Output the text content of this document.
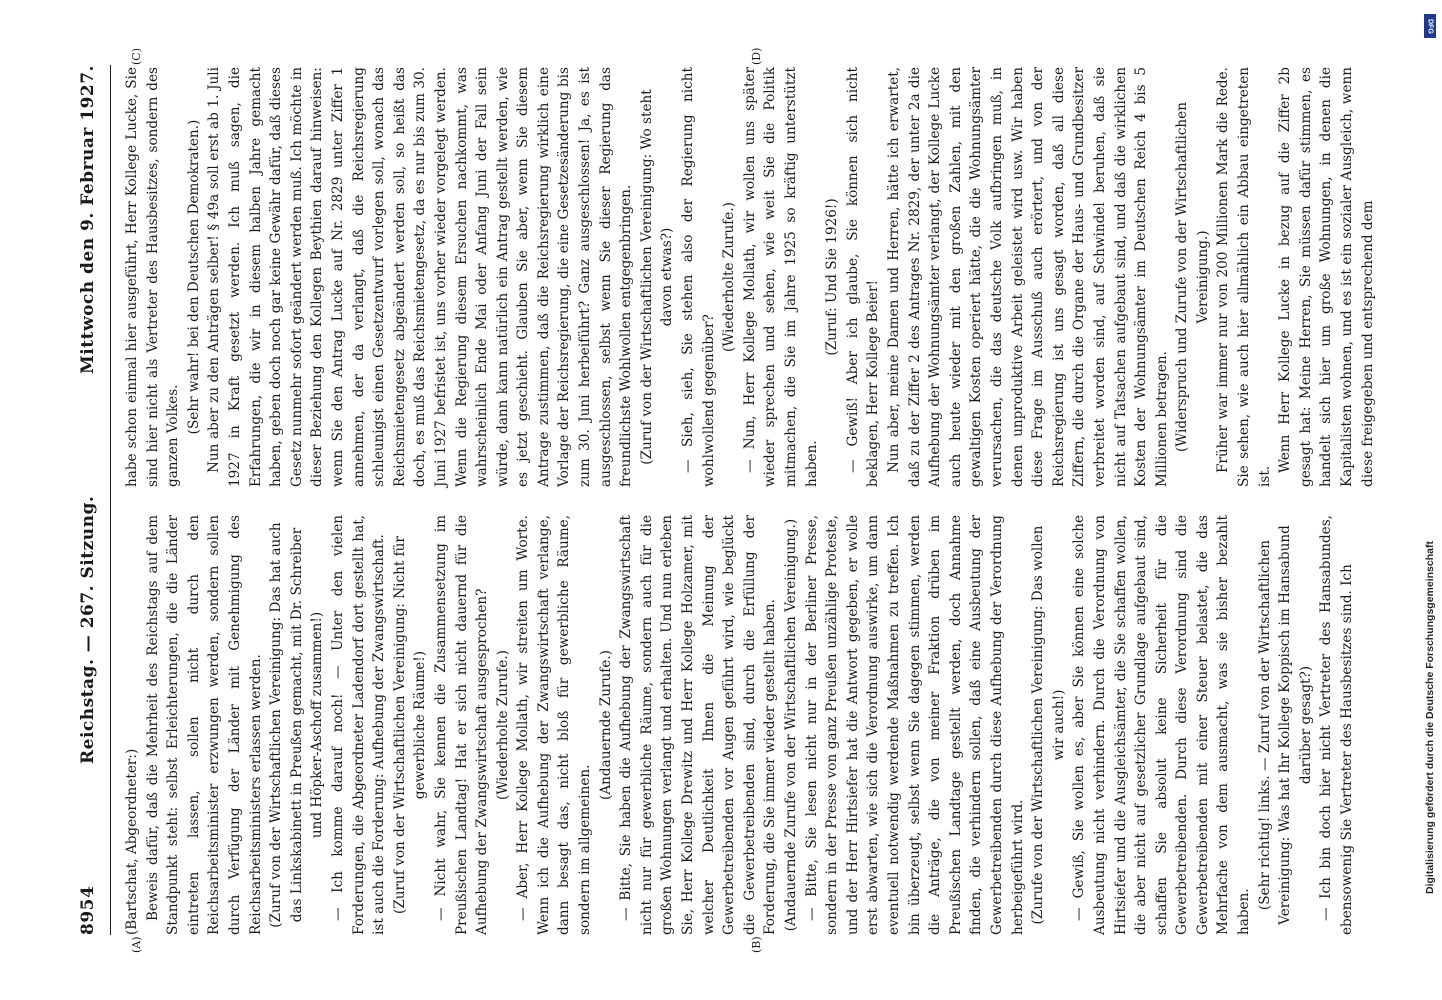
8954
Reichstag. — 267. Sitzung.
Mittwoch den 9. Februar 1927.
(A)	(B)
(C)	(D)

(Bartschat, Abgeordneter:) Beweis dafür, daß die Mehrheit des Reichstags auf dem Standpunkt steht: selbst Erleichterungen, die die Länder eintreten lassen, sollen nicht durch den Reichsarbeitsminister erzwungen werden, sondern sollen durch Verfügung der Länder mit Genehmigung des Reichsarbeitsministers erlassen werden. (Zuruf von der Wirtschaftlichen Vereinigung: Das hat auch das Linkskabinett in Preußen gemacht, mit Dr. Schreiber und Höpker-Aschoff zusammen!) — Ich komme darauf noch! — Unter den vielen Forderungen, die Abgeordneter Ladendorf dort gestellt hat, ist auch die Forderung: Aufhebung der Zwangswirtschaft. (Zuruf von der Wirtschaftlichen Vereinigung: Nicht für gewerbliche Räume!) — Nicht wahr, Sie kennen die Zusammensetzung im Preußischen Landtag! Hat er sich nicht dauernd für die Aufhebung der Zwangswirtschaft ausgesprochen? (Wiederholte Zurufe.) — Aber, Herr Kollege Mollath, wir streiten um Worte. Wenn ich die Aufhebung der Zwangswirtschaft verlange, dann besagt das, nicht bloß für gewerbliche Räume, sondern im allgemeinen.

(Andauernde Zurufe.) — Bitte, Sie haben die Aufhebung der Zwangswirtschaft nicht nur für gewerbliche Räume, sondern auch für die großen Wohnungen verlangt und erhalten. Und nun erleben Sie, Herr Kollege Drewitz und Herr Kollege Holzamer, mit welcher Deutlichkeit Ihnen die Meinung der Gewerbetreibenden vor Augen geführt wird, wie beglückt die Gewerbetreibenden sind, durch die Erfüllung der Forderung, die Sie immer wieder gestellt haben. (Andauernde Zurufe von der Wirtschaftlichen Vereinigung.) — Bitte, Sie lesen nicht nur in der Berliner Presse, sondern in der Presse von ganz Preußen unzählige Proteste, und der Herr Hirtsiefer hat die Antwort gegeben, er wolle erst abwarten, wie sich die Verordnung auswirke, um dann eventuell notwendig werdende Maßnahmen zu treffen. Ich bin überzeugt, selbst wenn Sie dagegen stimmen, werden die Anträge, die von meiner Fraktion drüben im Preußischen Landtage gestellt werden, doch Annahme finden, die verhindern sollen, daß eine Ausbeutung der Gewerbetreibenden durch diese Aufhebung der Verordnung herbeigeführt wird. (Zurufe von der Wirtschaftlichen Vereinigung: Das wollen wir auch!) — Gewiß, Sie wollen es, aber Sie können eine solche Ausbeutung nicht verhindern. Durch die Verordnung von Hirtsiefer und die Ausgleichsämter, die Sie schaffen wollen, die aber nicht auf gesetzlicher Grundlage aufgebaut sind, schaffen Sie absolut keine Sicherheit für die Gewerbetreibenden. Durch diese Verordnung sind die Gewerbetreibenden mit einer Steuer belastet, die das Mehrfache von dem ausmacht, was sie bisher bezahlt haben.

(Sehr richtig! links. — Zuruf von der Wirtschaftlichen Vereinigung: Was hat Ihr Kollege Koppisch im Hansabund darüber gesagt?) — Ich bin doch hier nicht Vertreter des Hansabundes, ebensowenig Sie Vertreter des Hausbesitzes sind. Ich

habe schon einmal hier ausgeführt, Herr Kollege Lucke, Sie sind hier nicht als Vertreter des Hausbesitzes, sondern des ganzen Volkes.

(Sehr wahr! bei den Deutschen Demokraten.) Nun aber zu den Anträgen selber! § 49a soll erst ab 1. Juli 1927 in Kraft gesetzt werden. Ich muß sagen, die Erfahrungen, die wir in diesem halben Jahre gemacht haben, geben doch noch gar keine Gewähr dafür, daß dieses Gesetz nunmehr sofort geändert werden muß. Ich möchte in dieser Beziehung den Kollegen Beythien darauf hinweisen: wenn Sie den Antrag Lucke auf Nr. 2829 unter Ziffer 1 annehmen, der da verlangt, daß die Reichsregierung schleunigst einen Gesetzentwurf vorlegen soll, wonach das Reichsmietengesetz abgeändert werden soll, so heißt das doch, es muß das Reichsmietengesetz, da es nur bis zum 30. Juni 1927 befristet ist, uns vorher wieder vorgelegt werden. Wenn die Regierung diesem Ersuchen nachkommt, was wahrscheinlich Ende Mai oder Anfang Juni der Fall sein würde, dann kann natürlich ein Antrag gestellt werden, wie es jetzt geschieht. Glauben Sie aber, wenn Sie diesem Antrage zustimmen, daß die Reichsregierung wirklich eine Vorlage der Reichsregierung, die eine Gesetzesänderung bis zum 30. Juni herbeiführt? Ganz ausgeschlossen! Ja, es ist ausgeschlossen, selbst wenn Sie dieser Regierung das freundlichste Wohlwollen entgegenbringen. (Zuruf von der Wirtschaftlichen Vereinigung: Wo steht davon etwas?) — Sieh, sieh, Sie stehen also der Regierung nicht wohlwollend gegenüber?

(Wiederholte Zurufe.) — Nun, Herr Kollege Mollath, wir wollen uns später wieder sprechen und sehen, wie weit Sie die Politik mitmachen, die Sie im Jahre 1925 so kräftig unterstützt haben.

(Zuruf: Und Sie 1926!) — Gewiß! Aber ich glaube, Sie können sich nicht beklagen, Herr Kollege Beier! Nun aber, meine Damen und Herren, hätte ich erwartet, daß zu der Ziffer 2 des Antrages Nr. 2829, der unter 2a die Aufhebung der Wohnungsämter verlangt, der Kollege Lucke auch heute wieder mit den großen Zahlen, mit den gewaltigen Kosten operiert hätte, die die Wohnungsämter verursachen, die das deutsche Volk aufbringen muß, in denen unproduktive Arbeit geleistet wird usw. Wir haben diese Frage im Ausschuß auch erörtert, und von der Reichsregierung ist uns gesagt worden, daß all diese Ziffern, die durch die Organe der Haus- und Grundbesitzer verbreitet worden sind, auf Schwindel beruhen, daß sie nicht auf Tatsachen aufgebaut sind, und daß die wirklichen Kosten der Wohnungsämter im Deutschen Reich 4 bis 5 Millionen betragen. (Widerspruch und Zurufe von der Wirtschaftlichen Vereinigung.) Früher war immer nur von 200 Millionen Mark die Rede. Sie sehen, wie auch hier allmählich ein Abbau eingetreten ist.

Wenn Herr Kollege Lucke in bezug auf die Ziffer 2b gesagt hat: Meine Herren, Sie müssen dafür stimmen, es handelt sich hier um große Wohnungen, in denen die Kapitalisten wohnen, und es ist ein sozialer Ausgleich, wenn diese freigegeben und entsprechend dem

DFG
Digitalisierung gefördert durch die Deutsche Forschungsgemeinschaft
